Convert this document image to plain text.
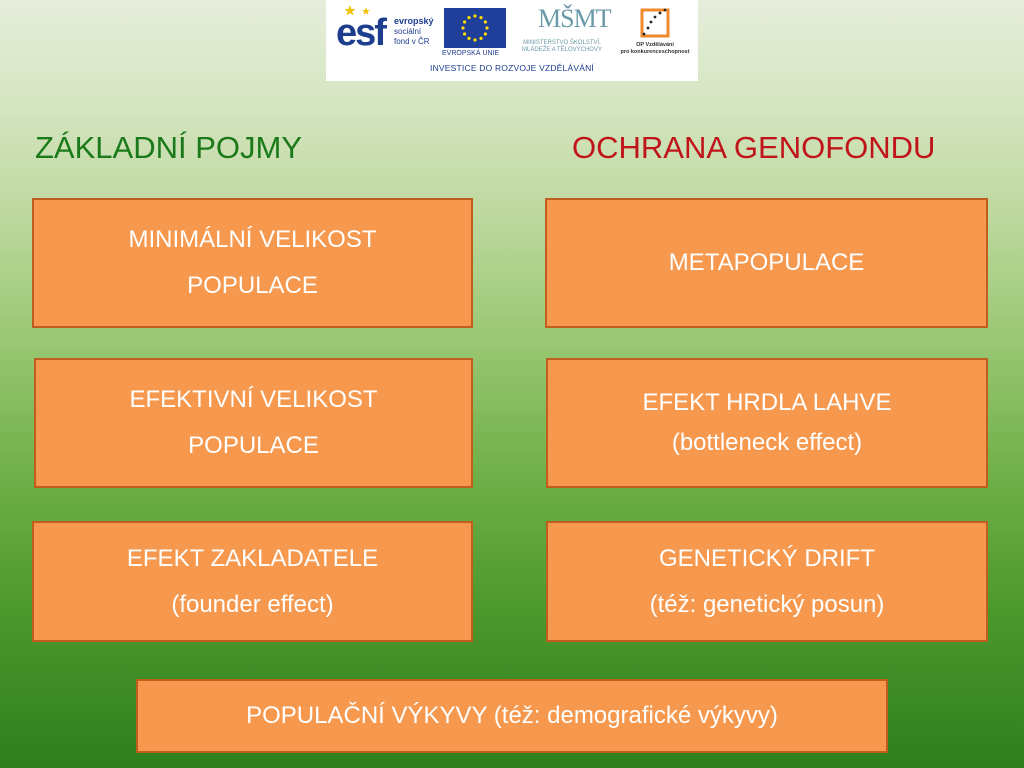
esf evropský
sociální
fond v ČR
EVROPSKÁ UNIE
MŠMT
MINISTERSTVO ŠKOLSTVÍ,
MLÁDEŽE A TĚLOVÝCHOVY
OP Vzdělávání
pro konkurenceschopnost
INVESTICE DO ROZVOJE VZDĚLÁVÁNÍ
ZÁKLADNÍ POJMY	OCHRANA GENOFONDU
MINIMÁLNÍ VELIKOST
POPULACE
EFEKTIVNÍ VELIKOST
POPULACE
EFEKT ZAKLADATELE
(founder effect)
METAPOPULACE
EFEKT HRDLA LAHVE
(bottleneck effect)
GENETICKÝ DRIFT
(též: genetický posun)
POPULAČNÍ VÝKYVY (též: demografické výkyvy)
